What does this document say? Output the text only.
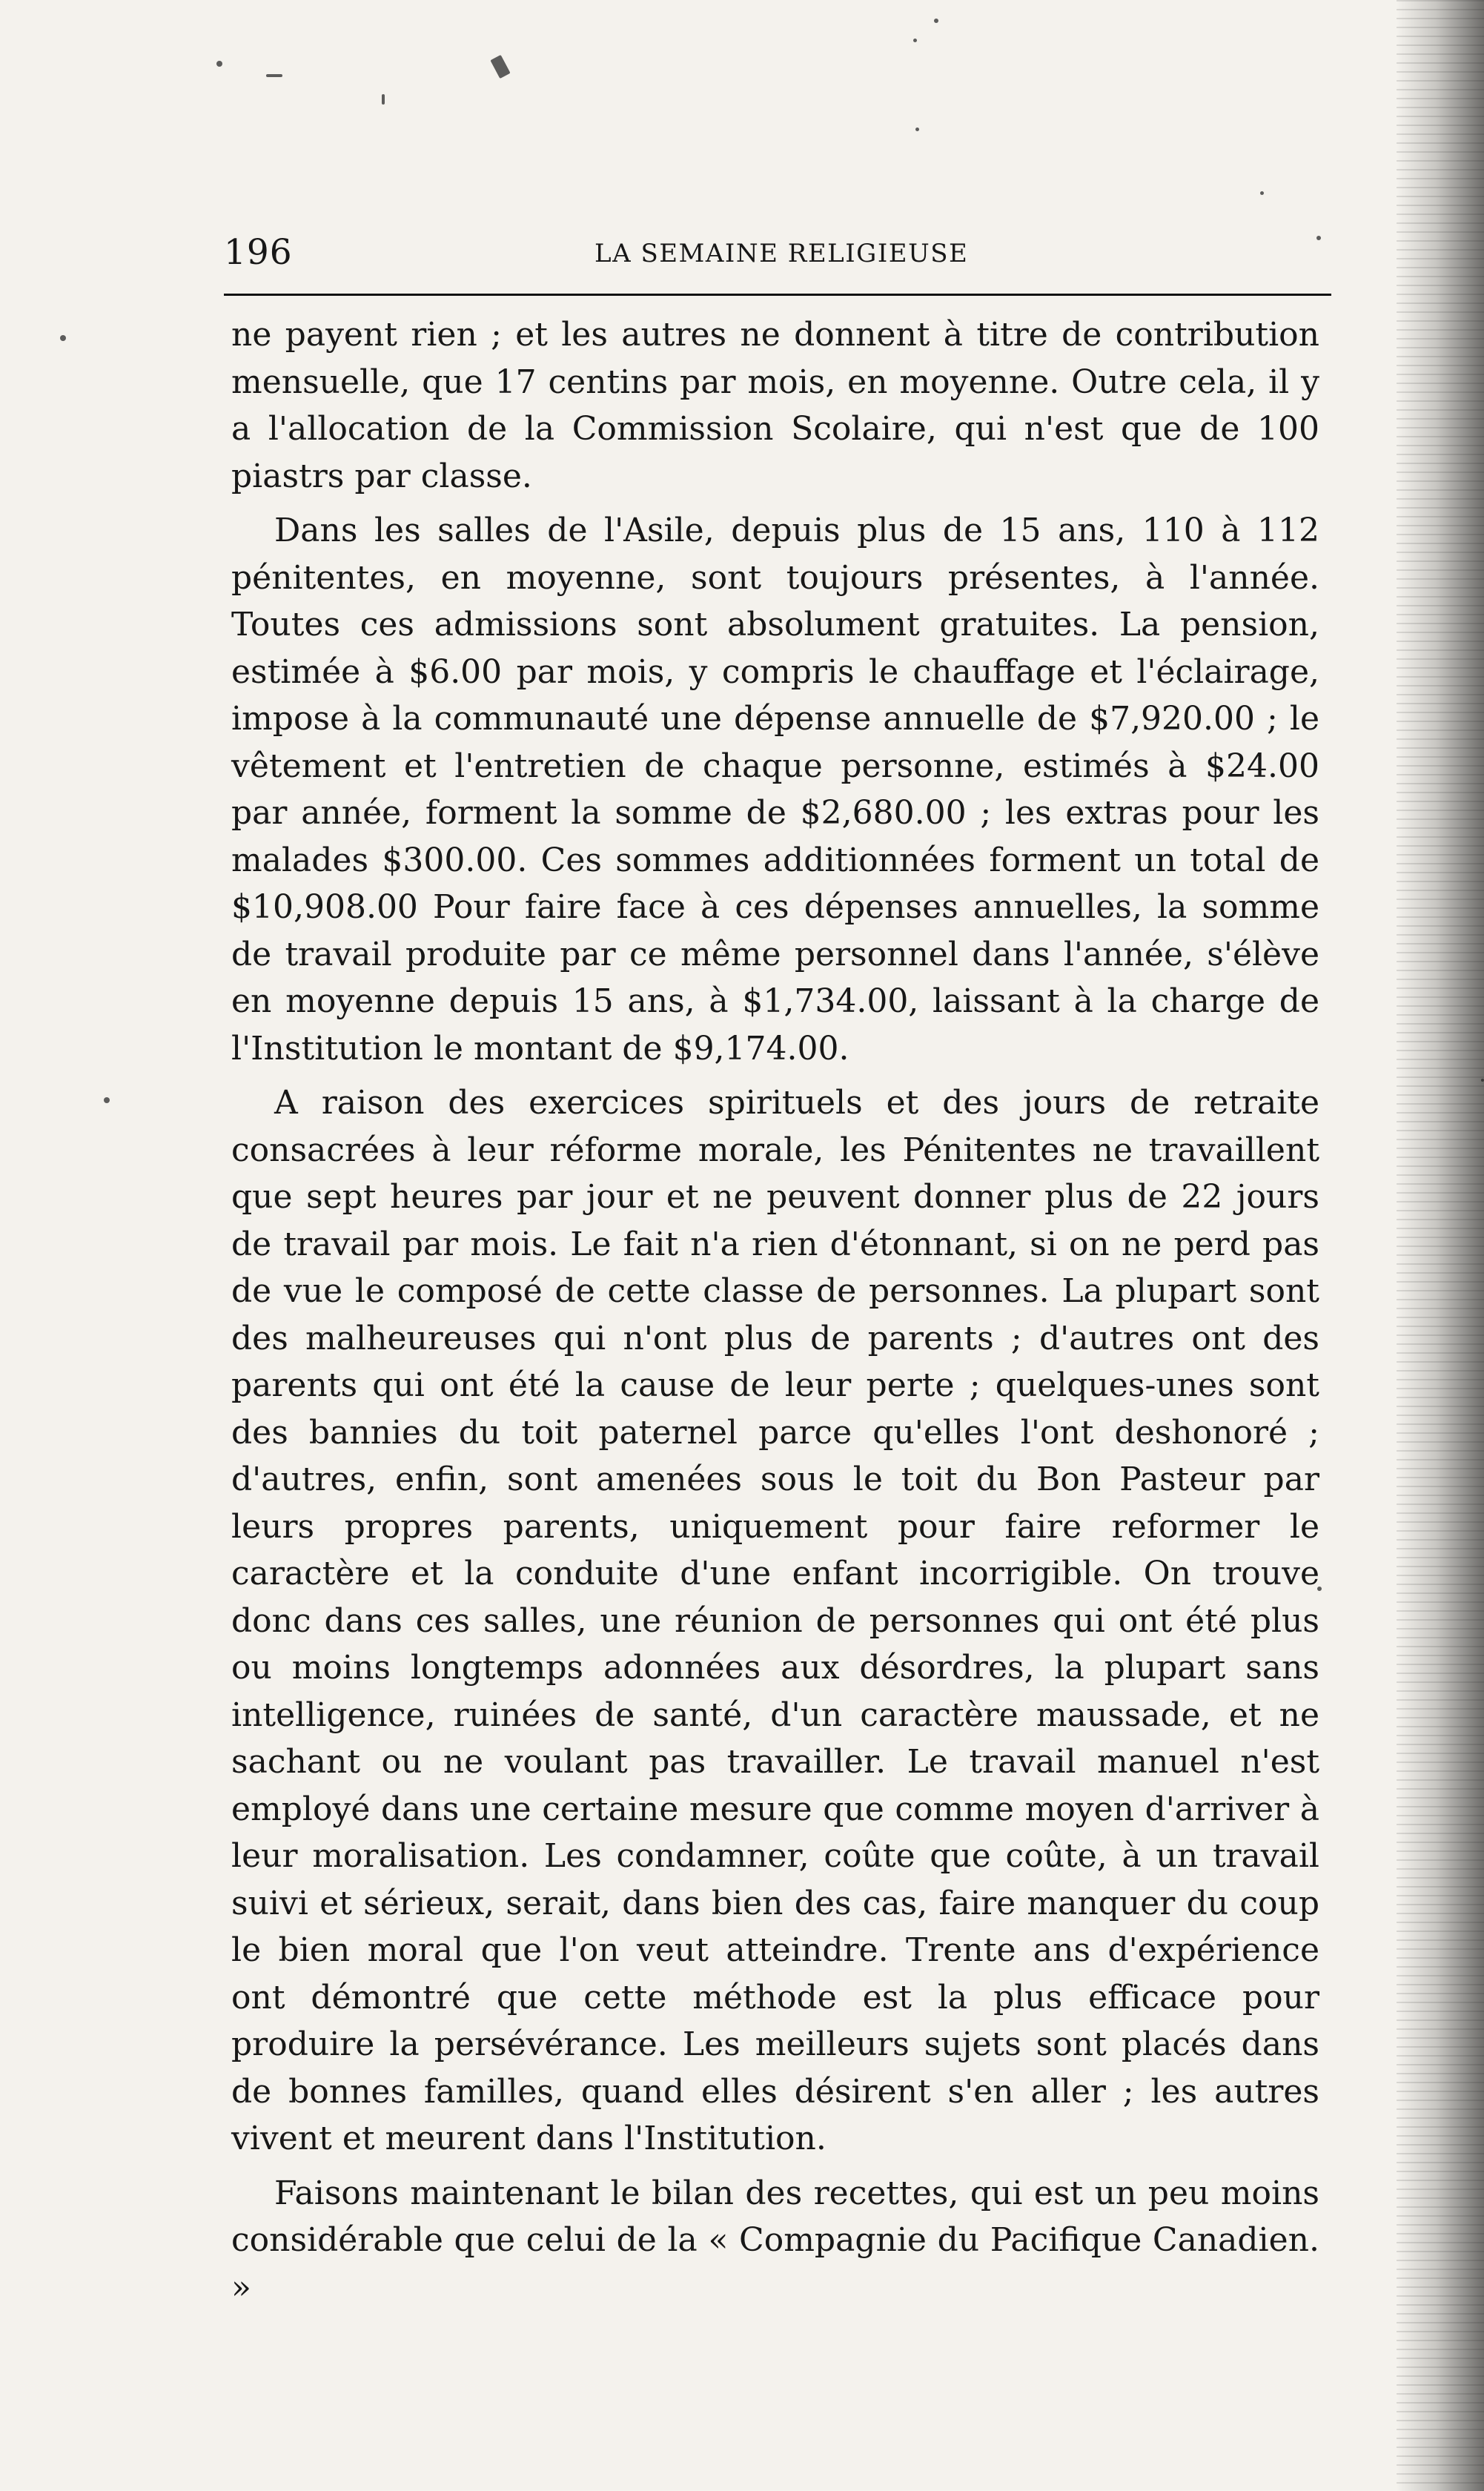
196	LA SEMAINE RELIGIEUSE

ne payent rien ; et les autres ne donnent à titre de contribution mensuelle, que 17 centins par mois, en moyenne. Outre cela, il y a l'allocation de la Commission Scolaire, qui n'est que de 100 piastrs par classe.

Dans les salles de l'Asile, depuis plus de 15 ans, 110 à 112 pénitentes, en moyenne, sont toujours présentes, à l'année. Toutes ces admissions sont absolument gratuites. La pension, estimée à $6.00 par mois, y compris le chauffage et l'éclairage, impose à la communauté une dépense annuelle de $7,920.00 ; le vêtement et l'entretien de chaque personne, estimés à $24.00 par année, forment la somme de $2,680.00 ; les extras pour les malades $300.00. Ces sommes additionnées forment un total de $10,908.00 Pour faire face à ces dépenses annuelles, la somme de travail produite par ce même personnel dans l'année, s'élève en moyenne depuis 15 ans, à $1,734.00, laissant à la charge de l'Institution le montant de $9,174.00.

A raison des exercices spirituels et des jours de retraite consacrées à leur réforme morale, les Pénitentes ne travaillent que sept heures par jour et ne peuvent donner plus de 22 jours de travail par mois. Le fait n'a rien d'étonnant, si on ne perd pas de vue le composé de cette classe de personnes. La plupart sont des malheureuses qui n'ont plus de parents ; d'autres ont des parents qui ont été la cause de leur perte ; quelques-unes sont des bannies du toit paternel parce qu'elles l'ont deshonoré ; d'autres, enfin, sont amenées sous le toit du Bon Pasteur par leurs propres parents, uniquement pour faire reformer le caractère et la conduite d'une enfant incorrigible. On trouve donc dans ces salles, une réunion de personnes qui ont été plus ou moins longtemps adonnées aux désordres, la plupart sans intelligence, ruinées de santé, d'un caractère maussade, et ne sachant ou ne voulant pas travailler. Le travail manuel n'est employé dans une certaine mesure que comme moyen d'arriver à leur moralisation. Les condamner, coûte que coûte, à un travail suivi et sérieux, serait, dans bien des cas, faire manquer du coup le bien moral que l'on veut atteindre. Trente ans d'expérience ont démontré que cette méthode est la plus efficace pour produire la persévérance. Les meilleurs sujets sont placés dans de bonnes familles, quand elles désirent s'en aller ; les autres vivent et meurent dans l'Institution.

Faisons maintenant le bilan des recettes, qui est un peu moins considérable que celui de la « Compagnie du Pacifique Canadien. »
